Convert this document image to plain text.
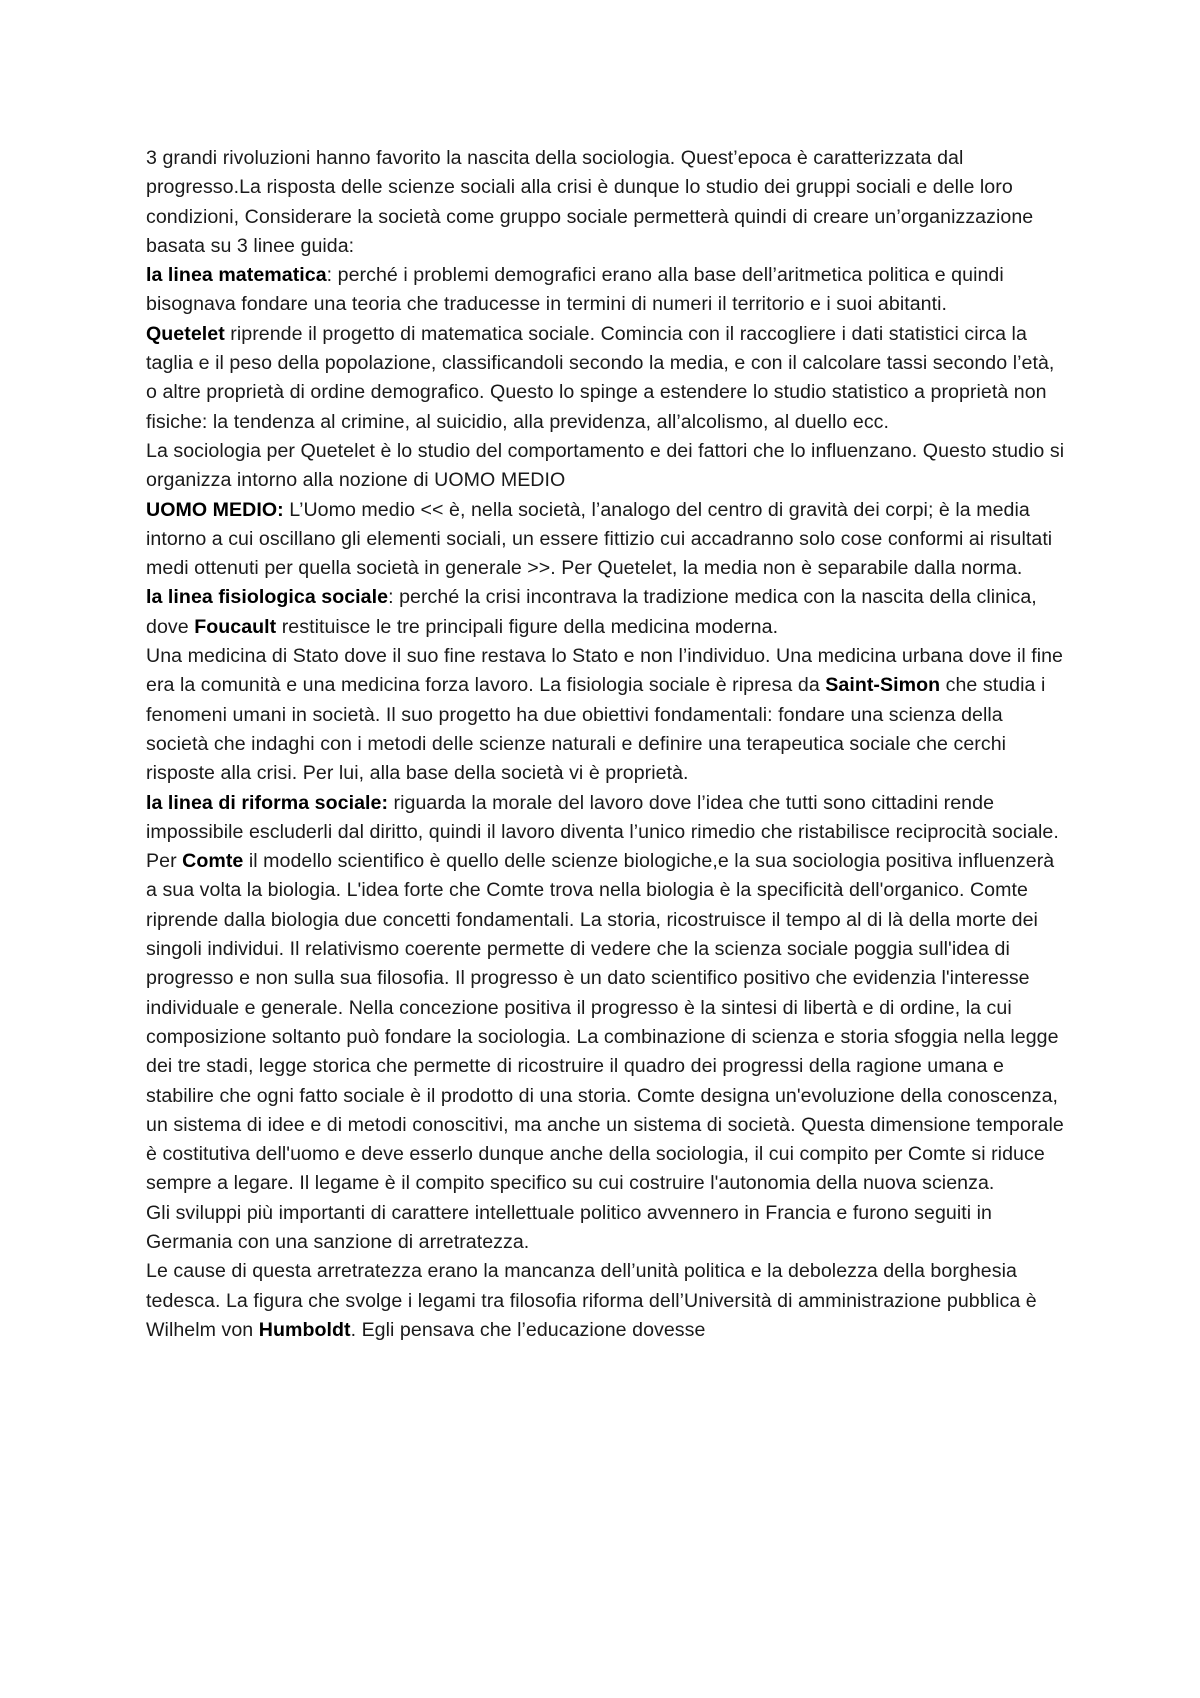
3 grandi rivoluzioni hanno favorito la nascita della sociologia. Quest’epoca è caratterizzata dal progresso.La risposta delle scienze sociali alla crisi è dunque lo studio dei gruppi sociali e delle loro condizioni, Considerare la società come gruppo sociale permetterà quindi di creare un’organizzazione basata su 3 linee guida:

la linea matematica: perché i problemi demografici erano alla base dell’aritmetica politica e quindi bisognava fondare una teoria che traducesse in termini di numeri il territorio e i suoi abitanti.

Quetelet riprende il progetto di matematica sociale. Comincia con il raccogliere i dati statistici circa la taglia e il peso della popolazione, classificandoli secondo la media, e con il calcolare tassi secondo l’età, o altre proprietà di ordine demografico. Questo lo spinge a estendere lo studio statistico a proprietà non fisiche: la tendenza al crimine, al suicidio, alla previdenza, all’alcolismo, al duello ecc.

La sociologia per Quetelet è lo studio del comportamento e dei fattori che lo influenzano. Questo studio si organizza intorno alla nozione di UOMO MEDIO

UOMO MEDIO: L’Uomo medio << è, nella società, l’analogo del centro di gravità dei corpi; è la media intorno a cui oscillano gli elementi sociali, un essere fittizio cui accadranno solo cose conformi ai risultati medi ottenuti per quella società in generale >>. Per Quetelet, la media non è separabile dalla norma.

la linea fisiologica sociale: perché la crisi incontrava la tradizione medica con la nascita della clinica, dove Foucault restituisce le tre principali figure della medicina moderna.

Una medicina di Stato dove il suo fine restava lo Stato e non l’individuo. Una medicina urbana dove il fine era la comunità e una medicina forza lavoro. La fisiologia sociale è ripresa da Saint-Simon che studia i fenomeni umani in società. Il suo progetto ha due obiettivi fondamentali: fondare una scienza della società che indaghi con i metodi delle scienze naturali e definire una terapeutica sociale che cerchi risposte alla crisi. Per lui, alla base della società vi è proprietà.

la linea di riforma sociale: riguarda la morale del lavoro dove l’idea che tutti sono cittadini rende impossibile escluderli dal diritto, quindi il lavoro diventa l’unico rimedio che ristabilisce reciprocità sociale.

Per Comte il modello scientifico è quello delle scienze biologiche,e la sua sociologia positiva influenzerà a sua volta la biologia. L'idea forte che Comte trova nella biologia è la specificità dell'organico. Comte riprende dalla biologia due concetti fondamentali. La storia, ricostruisce il tempo al di là della morte dei singoli individui. Il relativismo coerente permette di vedere che la scienza sociale poggia sull'idea di progresso e non sulla sua filosofia. Il progresso è un dato scientifico positivo che evidenzia l'interesse individuale e generale. Nella concezione positiva il progresso è la sintesi di libertà e di ordine, la cui composizione soltanto può fondare la sociologia. La combinazione di scienza e storia sfoggia nella legge dei tre stadi, legge storica che permette di ricostruire il quadro dei progressi della ragione umana e stabilire che ogni fatto sociale è il prodotto di una storia. Comte designa un'evoluzione della conoscenza, un sistema di idee e di metodi conoscitivi, ma anche un sistema di società. Questa dimensione temporale è costitutiva dell'uomo e deve esserlo dunque anche della sociologia, il cui compito per Comte si riduce sempre a legare. Il legame è il compito specifico su cui costruire l'autonomia della nuova scienza.

Gli sviluppi più importanti di carattere intellettuale politico avvennero in Francia e furono seguiti in Germania con una sanzione di arretratezza.

Le cause di questa arretratezza erano la mancanza dell’unità politica e la debolezza della borghesia tedesca. La figura che svolge i legami tra filosofia riforma dell’Università di amministrazione pubblica è Wilhelm von Humboldt. Egli pensava che l’educazione dovesse
